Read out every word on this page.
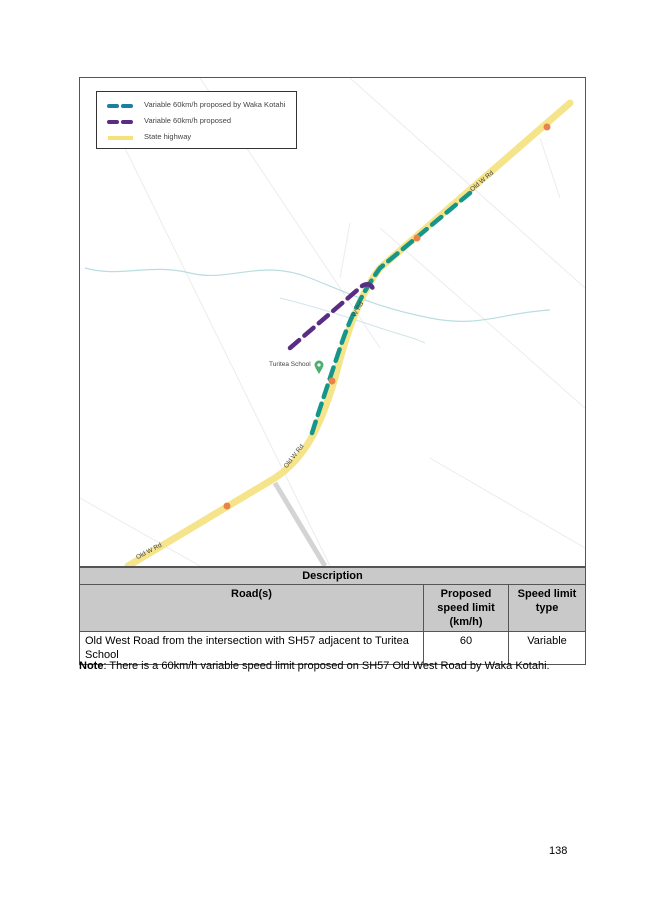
Variable 60km/h proposed by Waka Kotahi
Variable 60km/h proposed
State highway
Turitea School
Old W Rd
W Rd
Old W Rd
Old W Rd
Description		
Road(s)	Proposed speed limit (km/h)	Speed limit type
Old West Road from the intersection with SH57 adjacent to Turitea School	60	Variable
Note: There is a 60km/h variable speed limit proposed on SH57 Old West Road by Waka Kotahi.
138
